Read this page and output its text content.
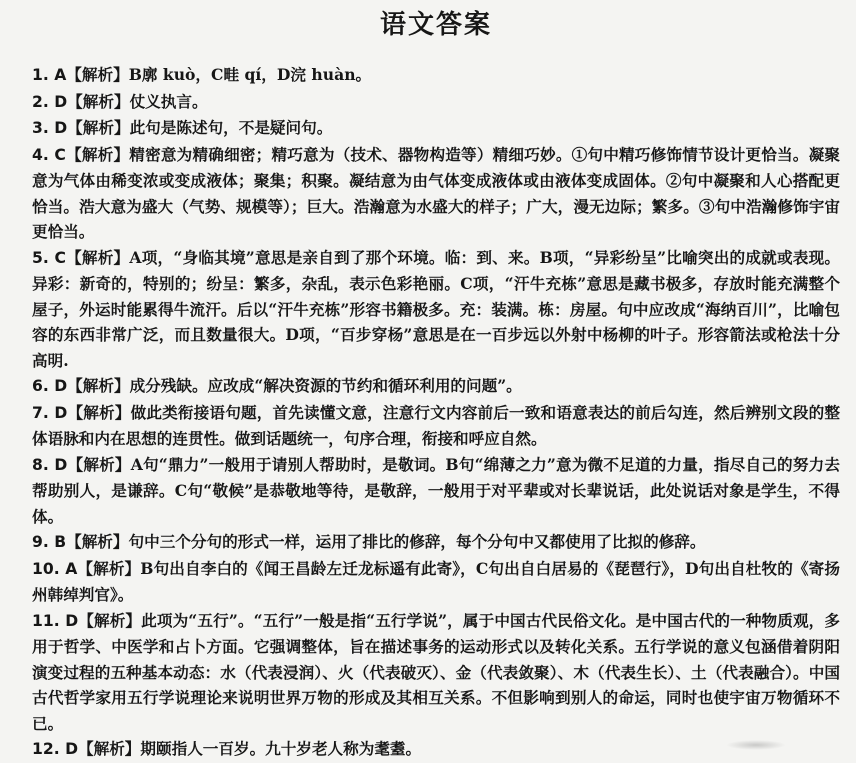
语文答案
1. A【解析】B廓 kuò，C畦 qí，D浣 huàn。
2. D【解析】仗义执言。
3. D【解析】此句是陈述句，不是疑问句。
4. C【解析】精密意为精确细密；精巧意为（技术、器物构造等）精细巧妙。①句中精巧修饰情节设计更恰当。凝聚意为气体由稀变浓或变成液体；聚集；积聚。凝结意为由气体变成液体或由液体变成固体。②句中凝聚和人心搭配更恰当。浩大意为盛大（气势、规模等）；巨大。浩瀚意为水盛大的样子；广大，漫无边际；繁多。③句中浩瀚修饰宇宙更恰当。
5. C【解析】A项，“身临其境”意思是亲自到了那个环境。临：到、来。B项，“异彩纷呈”比喻突出的成就或表现。异彩：新奇的，特别的；纷呈：繁多，杂乱，表示色彩艳丽。C项，“汗牛充栋”意思是藏书极多，存放时能充满整个屋子，外运时能累得牛流汗。后以“汗牛充栋”形容书籍极多。充：装满。栋：房屋。句中应改成“海纳百川”，比喻包容的东西非常广泛，而且数量很大。D项，“百步穿杨”意思是在一百步远以外射中杨柳的叶子。形容箭法或枪法十分高明.
6. D【解析】成分残缺。应改成“解决资源的节约和循环利用的问题”。
7. D【解析】做此类衔接语句题，首先读懂文意，注意行文内容前后一致和语意表达的前后勾连，然后辨别文段的整体语脉和内在思想的连贯性。做到话题统一，句序合理，衔接和呼应自然。
8. D【解析】A句“鼎力”一般用于请别人帮助时，是敬词。B句“绵薄之力”意为微不足道的力量，指尽自己的努力去帮助别人，是谦辞。C句“敬候”是恭敬地等待，是敬辞，一般用于对平辈或对长辈说话，此处说话对象是学生，不得体。
9. B【解析】句中三个分句的形式一样，运用了排比的修辞，每个分句中又都使用了比拟的修辞。
10. A【解析】B句出自李白的《闻王昌龄左迁龙标遥有此寄》，C句出自白居易的《琵琶行》，D句出自杜牧的《寄扬州韩绰判官》。
11. D【解析】此项为“五行”。“五行”一般是指“五行学说”，属于中国古代民俗文化。是中国古代的一种物质观，多用于哲学、中医学和占卜方面。它强调整体，旨在描述事务的运动形式以及转化关系。五行学说的意义包涵借着阴阳演变过程的五种基本动态：水（代表浸润）、火（代表破灭）、金（代表敛聚）、木（代表生长）、土（代表融合）。中国古代哲学家用五行学说理论来说明世界万物的形成及其相互关系。不但影响到别人的命运，同时也使宇宙万物循环不已。
12. D【解析】期颐指人一百岁。九十岁老人称为耄耋。
